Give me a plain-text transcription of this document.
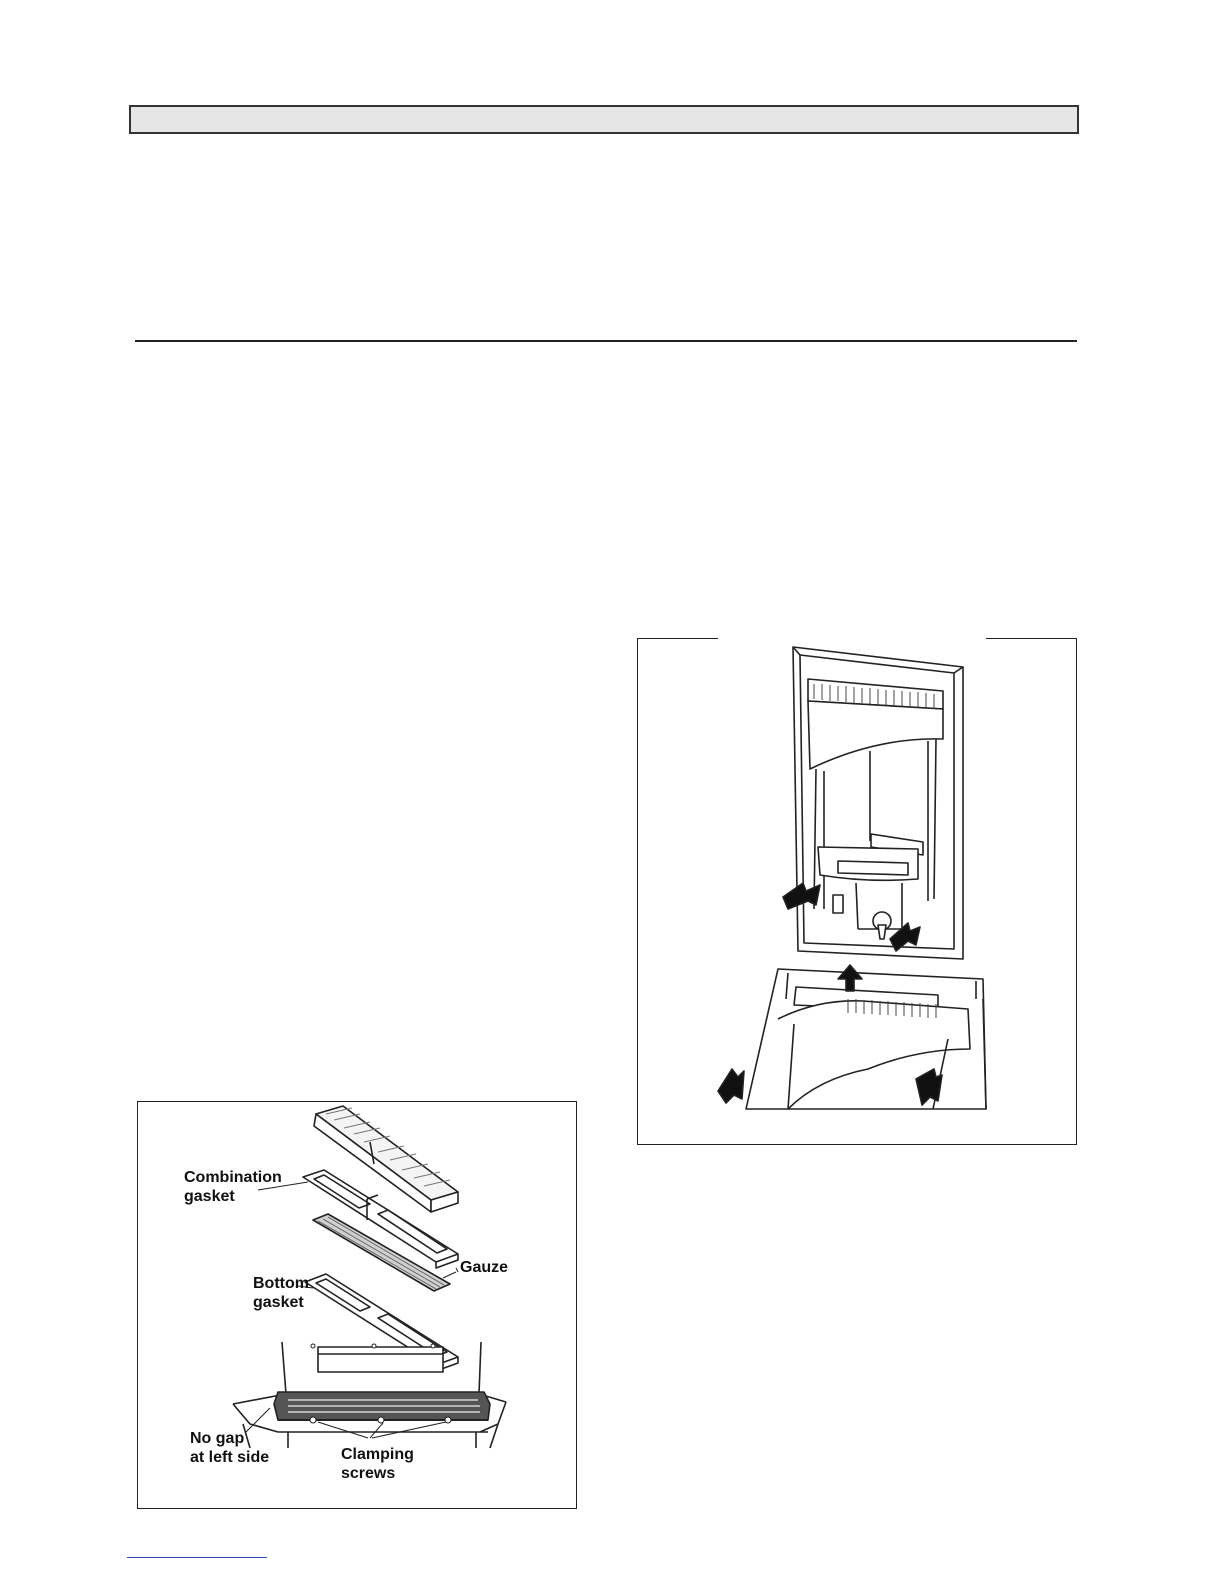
Combination
gasket
Gauze
Bottom
gasket
No gap
at left side	Clamping
screws
